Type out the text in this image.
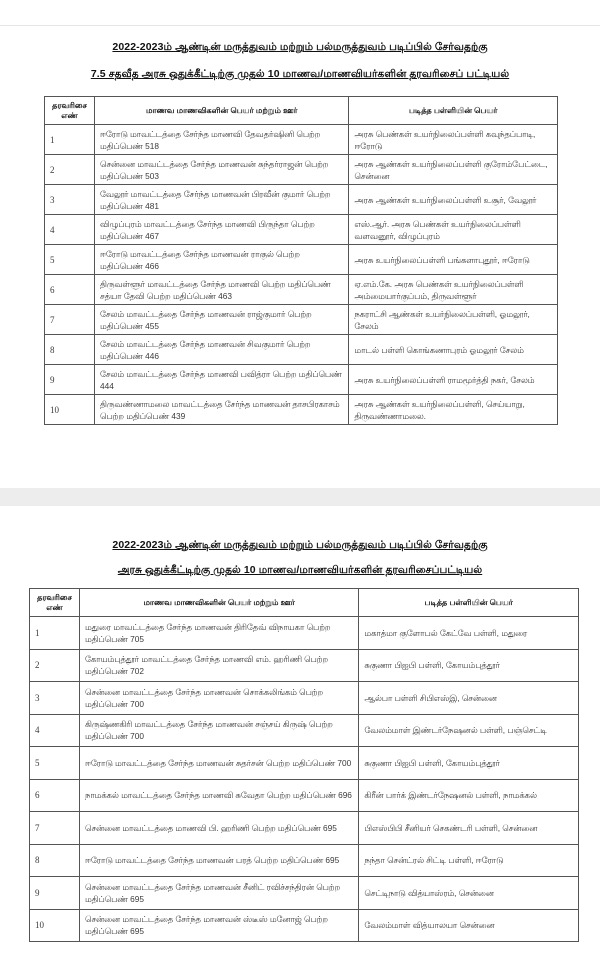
2022-2023ம் ஆண்டின் மருத்துவம் மற்றும் பல்மருத்துவம் படிப்பில் சேர்வதற்கு
7.5 சதவீத அரசு ஒதுக்கீட்டிற்கு முதல் 10 மாணவ/மாணவியர்களின் தரவரிசைப் பட்டியல்
தரவரிசை எண்	மாணவ மாணவிகளின் பெயர் மற்றும் ஊர்	படித்த பள்ளியின் பெயர்
1	ஈரோடு மாவட்டத்தை சேர்ந்த மாணவி தேவதர்ஷினி பெற்ற மதிப்பெண் 518	அரசு பெண்கள் உயர்நிலைப்பள்ளி கவுந்தப்பாடி, ஈரோடு
2	சென்னை மாவட்டத்தை சேர்ந்த மாணவன் சுந்தர்ராஜன் பெற்ற மதிப்பெண் 503	அரசு ஆண்கள் உயர்நிலைப்பள்ளி குரோம்பேட்டை, சென்னை
3	வேலூர் மாவட்டத்தை சேர்ந்த மாணவன் பிரவீன் குமார் பெற்ற மதிப்பெண் 481	அரசு ஆண்கள் உயர்நிலைப்பள்ளி உசூர், வேலூர்
4	விழுப்புரம் மாவட்டத்தை சேர்ந்த மாணவி பிருந்தா பெற்ற மதிப்பெண் 467	எஸ்.ஆர். அரசு பெண்கள் உயர்நிலைப்பள்ளி வளவனூர், விழுப்புரம்
5	ஈரோடு மாவட்டத்தை சேர்ந்த மாணவன் ராகுல் பெற்ற மதிப்பெண் 466	அரசு உயர்நிலைப்பள்ளி பங்களாபுதூர், ஈரோடு
6	திருவள்ளூர் மாவட்டத்தை சேர்ந்த மாணவி பெற்ற மதிப்பெண் சத்யா தேவி பெற்ற மதிப்பெண் 463	ஏ.எம்.கே. அரசு பெண்கள் உயர்நிலைப்பள்ளி அம்மையார்குப்பம், திருவள்ளூர்
7	சேலம் மாவட்டத்தை சேர்ந்த மாணவன் ராஜ்குமார் பெற்ற மதிப்பெண் 455	நகராட்சி ஆண்கள் உயர்நிலைப்பள்ளி, ஓமலூர், சேலம்
8	சேலம் மாவட்டத்தை சேர்ந்த மாணவன் சிவகுமார் பெற்ற மதிப்பெண் 446	மாடல் பள்ளி கொங்கணாபுரம் ஓமலூர் சேலம்
9	சேலம் மாவட்டத்தை சேர்ந்த மாணவி பவித்ரா பெற்ற மதிப்பெண் 444	அரசு உயர்நிலைப்பள்ளி ராமமூர்த்தி நகர், சேலம்
10	திருவண்ணாமலை மாவட்டத்தை சேர்ந்த மாணவன் தாசபிரகாசம் பெற்ற மதிப்பெண் 439	அரசு ஆண்கள் உயர்நிலைப்பள்ளி, செய்யாறு, திருவண்ணாமலை.
2022-2023ம் ஆண்டின் மருத்துவம் மற்றும் பல்மருத்துவம் படிப்பில் சேர்வதற்கு
அரசு ஒதுக்கீட்டிற்கு முதல் 10 மாணவ/மாணவியர்களின் தரவரிசைப்பட்டியல்
தரவரிசை எண்	மாணவ மாணவிகளின் பெயர் மற்றும் ஊர்	படித்த பள்ளியின் பெயர்
1	மதுரை மாவட்டத்தை சேர்ந்த மாணவன் திரிதேவ் விநாயகா பெற்ற மதிப்பெண் 705	மகாத்மா குளோபல் கேட்வே பள்ளி, மதுரை
2	கோயம்புத்தூர் மாவட்டத்தை சேர்ந்த மாணவி எம். ஹரிணி பெற்ற மதிப்பெண் 702	சுகுணா பிஐபி பள்ளி, கோயம்புத்தூர்
3	சென்னை மாவட்டத்தை சேர்ந்த மாணவன் சொக்கலிங்கம் பெற்ற மதிப்பெண் 700	ஆல்பா பள்ளி சிபிஎஸ்இ, சென்னை
4	கிருஷ்ணகிரி மாவட்டத்தை சேர்ந்த மாணவன் சஞ்சய் கிருஷ் பெற்ற மதிப்பெண் 700	வேலம்மாள் இண்டர்நேஷனல் பள்ளி, பஞ்செட்டி
5	ஈரோடு மாவட்டத்தை சேர்ந்த மாணவன் சுதர்சன் பெற்ற மதிப்பெண் 700	சுகுணா பிஐபி பள்ளி, கோயம்புத்தூர்
6	நாமக்கல் மாவட்டத்தை சேர்ந்த மாணவி சுவேதா பெற்ற மதிப்பெண் 696	கிரீன் பார்க் இண்டர்நேஷனல் பள்ளி, நாமக்கல்
7	சென்னை மாவட்டத்தை மாணவி பி. ஹரிணி பெற்ற மதிப்பெண் 695	பிஎஸ்பிபி சீனியர் செகண்டரி பள்ளி, சென்னை
8	ஈரோடு மாவட்டத்தை சேர்ந்த மாணவன் பரத் பெற்ற மதிப்பெண் 695	நந்தா சென்ட்ரல் சிட்டி பள்ளி, ஈரோடு
9	சென்னை மாவட்டத்தை சேர்ந்த மாணவன் சீனிட் ரவிச்சந்திரன் பெற்ற மதிப்பெண் 695	செட்டிநாடு வித்யாஸ்ரம், சென்னை
10	சென்னை மாவட்டத்தை சேர்ந்த மாணவன் ஸ்டீஸ் மனோஜ் பெற்ற மதிப்பெண் 695	வேலம்மாள் வித்யாலயா சென்னை
